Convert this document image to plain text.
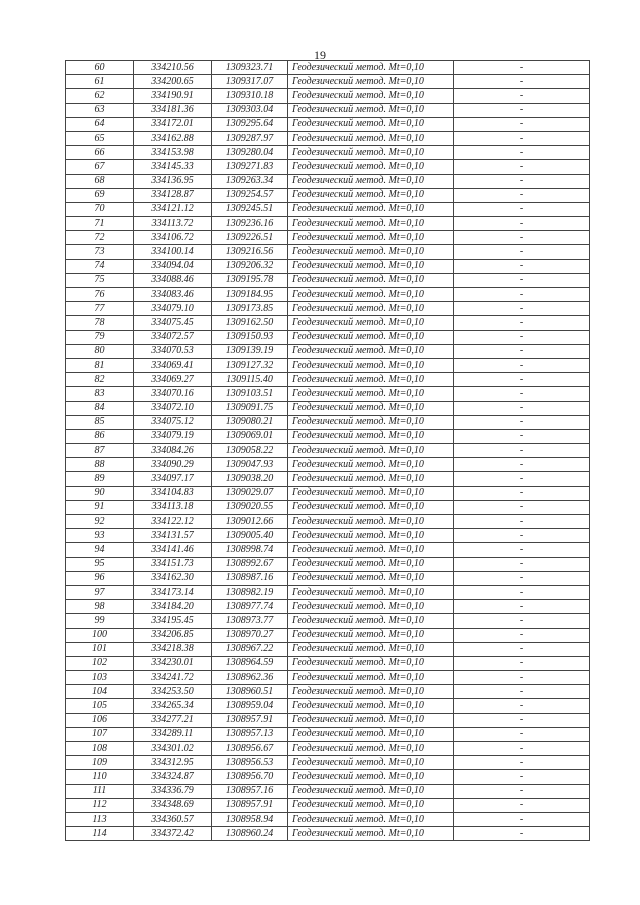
19
60	334210.56	1309323.71	Геодезический метод. Mt=0,10	-
61	334200.65	1309317.07	Геодезический метод. Mt=0,10	-
62	334190.91	1309310.18	Геодезический метод. Mt=0,10	-
63	334181.36	1309303.04	Геодезический метод. Mt=0,10	-
64	334172.01	1309295.64	Геодезический метод. Mt=0,10	-
65	334162.88	1309287.97	Геодезический метод. Mt=0,10	-
66	334153.98	1309280.04	Геодезический метод. Mt=0,10	-
67	334145.33	1309271.83	Геодезический метод. Mt=0,10	-
68	334136.95	1309263.34	Геодезический метод. Mt=0,10	-
69	334128.87	1309254.57	Геодезический метод. Mt=0,10	-
70	334121.12	1309245.51	Геодезический метод. Mt=0,10	-
71	334113.72	1309236.16	Геодезический метод. Mt=0,10	-
72	334106.72	1309226.51	Геодезический метод. Mt=0,10	-
73	334100.14	1309216.56	Геодезический метод. Mt=0,10	-
74	334094.04	1309206.32	Геодезический метод. Mt=0,10	-
75	334088.46	1309195.78	Геодезический метод. Mt=0,10	-
76	334083.46	1309184.95	Геодезический метод. Mt=0,10	-
77	334079.10	1309173.85	Геодезический метод. Mt=0,10	-
78	334075.45	1309162.50	Геодезический метод. Mt=0,10	-
79	334072.57	1309150.93	Геодезический метод. Mt=0,10	-
80	334070.53	1309139.19	Геодезический метод. Mt=0,10	-
81	334069.41	1309127.32	Геодезический метод. Mt=0,10	-
82	334069.27	1309115.40	Геодезический метод. Mt=0,10	-
83	334070.16	1309103.51	Геодезический метод. Mt=0,10	-
84	334072.10	1309091.75	Геодезический метод. Mt=0,10	-
85	334075.12	1309080.21	Геодезический метод. Mt=0,10	-
86	334079.19	1309069.01	Геодезический метод. Mt=0,10	-
87	334084.26	1309058.22	Геодезический метод. Mt=0,10	-
88	334090.29	1309047.93	Геодезический метод. Mt=0,10	-
89	334097.17	1309038.20	Геодезический метод. Mt=0,10	-
90	334104.83	1309029.07	Геодезический метод. Mt=0,10	-
91	334113.18	1309020.55	Геодезический метод. Mt=0,10	-
92	334122.12	1309012.66	Геодезический метод. Mt=0,10	-
93	334131.57	1309005.40	Геодезический метод. Mt=0,10	-
94	334141.46	1308998.74	Геодезический метод. Mt=0,10	-
95	334151.73	1308992.67	Геодезический метод. Mt=0,10	-
96	334162.30	1308987.16	Геодезический метод. Mt=0,10	-
97	334173.14	1308982.19	Геодезический метод. Mt=0,10	-
98	334184.20	1308977.74	Геодезический метод. Mt=0,10	-
99	334195.45	1308973.77	Геодезический метод. Mt=0,10	-
100	334206.85	1308970.27	Геодезический метод. Mt=0,10	-
101	334218.38	1308967.22	Геодезический метод. Mt=0,10	-
102	334230.01	1308964.59	Геодезический метод. Mt=0,10	-
103	334241.72	1308962.36	Геодезический метод. Mt=0,10	-
104	334253.50	1308960.51	Геодезический метод. Mt=0,10	-
105	334265.34	1308959.04	Геодезический метод. Mt=0,10	-
106	334277.21	1308957.91	Геодезический метод. Mt=0,10	-
107	334289.11	1308957.13	Геодезический метод. Mt=0,10	-
108	334301.02	1308956.67	Геодезический метод. Mt=0,10	-
109	334312.95	1308956.53	Геодезический метод. Mt=0,10	-
110	334324.87	1308956.70	Геодезический метод. Mt=0,10	-
111	334336.79	1308957.16	Геодезический метод. Mt=0,10	-
112	334348.69	1308957.91	Геодезический метод. Mt=0,10	-
113	334360.57	1308958.94	Геодезический метод. Mt=0,10	-
114	334372.42	1308960.24	Геодезический метод. Mt=0,10	-
